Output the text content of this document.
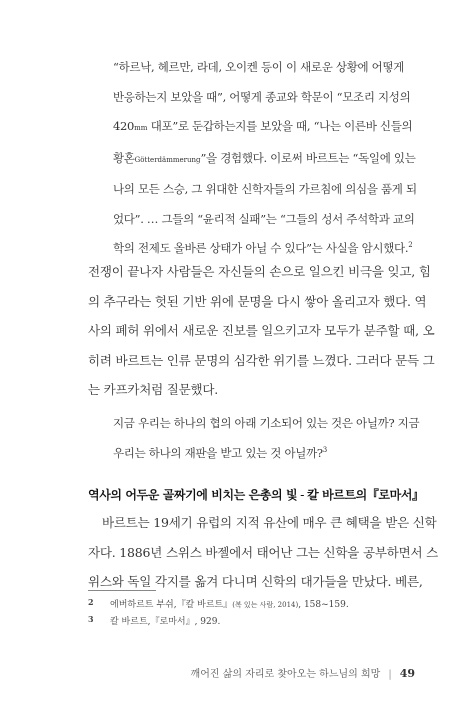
“하르낙, 헤르만, 라데, 오이켄 등이 이 새로운 상황에 어떻게
반응하는지 보았을 때”, 어떻게 종교와 학문이 “모조리 지성의
420mm 대포”로 둔갑하는지를 보았을 때, “나는 이른바 신들의
황혼Götterdämmerung”을 경험했다. 이로써 바르트는 “독일에 있는
나의 모든 스승, 그 위대한 신학자들의 가르침에 의심을 품게 되
었다”. … 그들의 “윤리적 실패”는 “그들의 성서 주석학과 교의
학의 전제도 올바른 상태가 아닐 수 있다”는 사실을 암시했다.$^2$
전쟁이 끝나자 사람들은 자신들의 손으로 일으킨 비극을 잊고, 힘
의 추구라는 헛된 기반 위에 문명을 다시 쌓아 올리고자 했다. 역
사의 폐허 위에서 새로운 진보를 일으키고자 모두가 분주할 때, 오
히려 바르트는 인류 문명의 심각한 위기를 느꼈다. 그러다 문득 그
는 카프카처럼 질문했다.
지금 우리는 하나의 협의 아래 기소되어 있는 것은 아닐까? 지금
우리는 하나의 재판을 받고 있는 것 아닐까?$^3$
역사의 어두운 골짜기에 비치는 은총의 빛 - 칼 바르트의『로마서』
바르트는 19세기 유럽의 지적 유산에 매우 큰 혜택을 받은 신학
자다. 1886년 스위스 바젤에서 태어난 그는 신학을 공부하면서 스
위스와 독일 각지를 옮겨 다니며 신학의 대가들을 만났다. 베른,
2 에버하르트 부쉬,『칼 바르트』(복 있는 사람, 2014), 158~159.
3 칼 바르트,『로마서』, 929.
깨어진 삶의 자리로 찾아오는 하느님의 희망 | 49
